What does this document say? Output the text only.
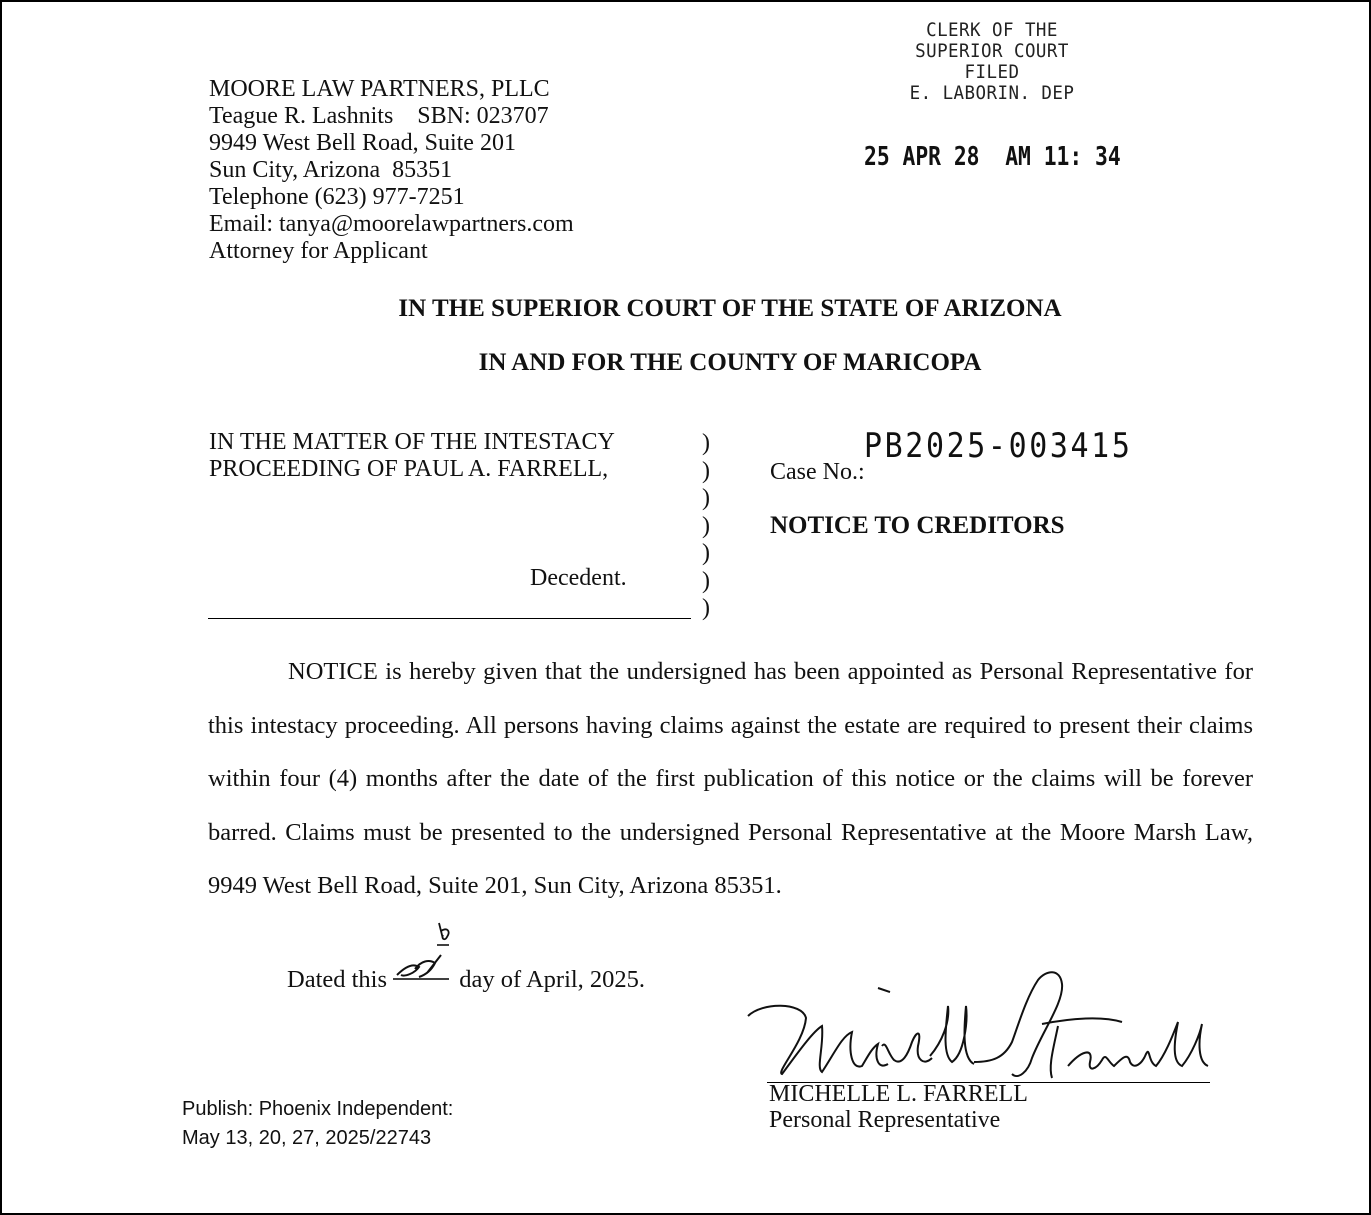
MOORE LAW PARTNERS, PLLC
Teague R. Lashnits    SBN: 023707
9949 West Bell Road, Suite 201
Sun City, Arizona  85351
Telephone (623) 977-7251
Email: tanya@moorelawpartners.com
Attorney for Applicant
CLERK OF THE
SUPERIOR COURT
FILED
E. LABORIN. DEP
25 APR 28  AM 11: 34
IN THE SUPERIOR COURT OF THE STATE OF ARIZONA
IN AND FOR THE COUNTY OF MARICOPA
IN THE MATTER OF THE INTESTACY
PROCEEDING OF PAUL A. FARRELL,
Decedent.
)
)
)
)
)
)
)
Case No.:
PB2025-003415
NOTICE TO CREDITORS
NOTICE is hereby given that the undersigned has been appointed as Personal Representative for this intestacy proceeding. All persons having claims against the estate are required to present their claims within four (4) months after the date of the first publication of this notice or the claims will be forever barred. Claims must be presented to the undersigned Personal Representative at the Moore Marsh Law, 9949 West Bell Road, Suite 201, Sun City, Arizona 85351.
Dated this	day of April, 2025.
MICHELLE L. FARRELL
Personal Representative
Publish: Phoenix Independent:
May 13, 20, 27, 2025/22743
